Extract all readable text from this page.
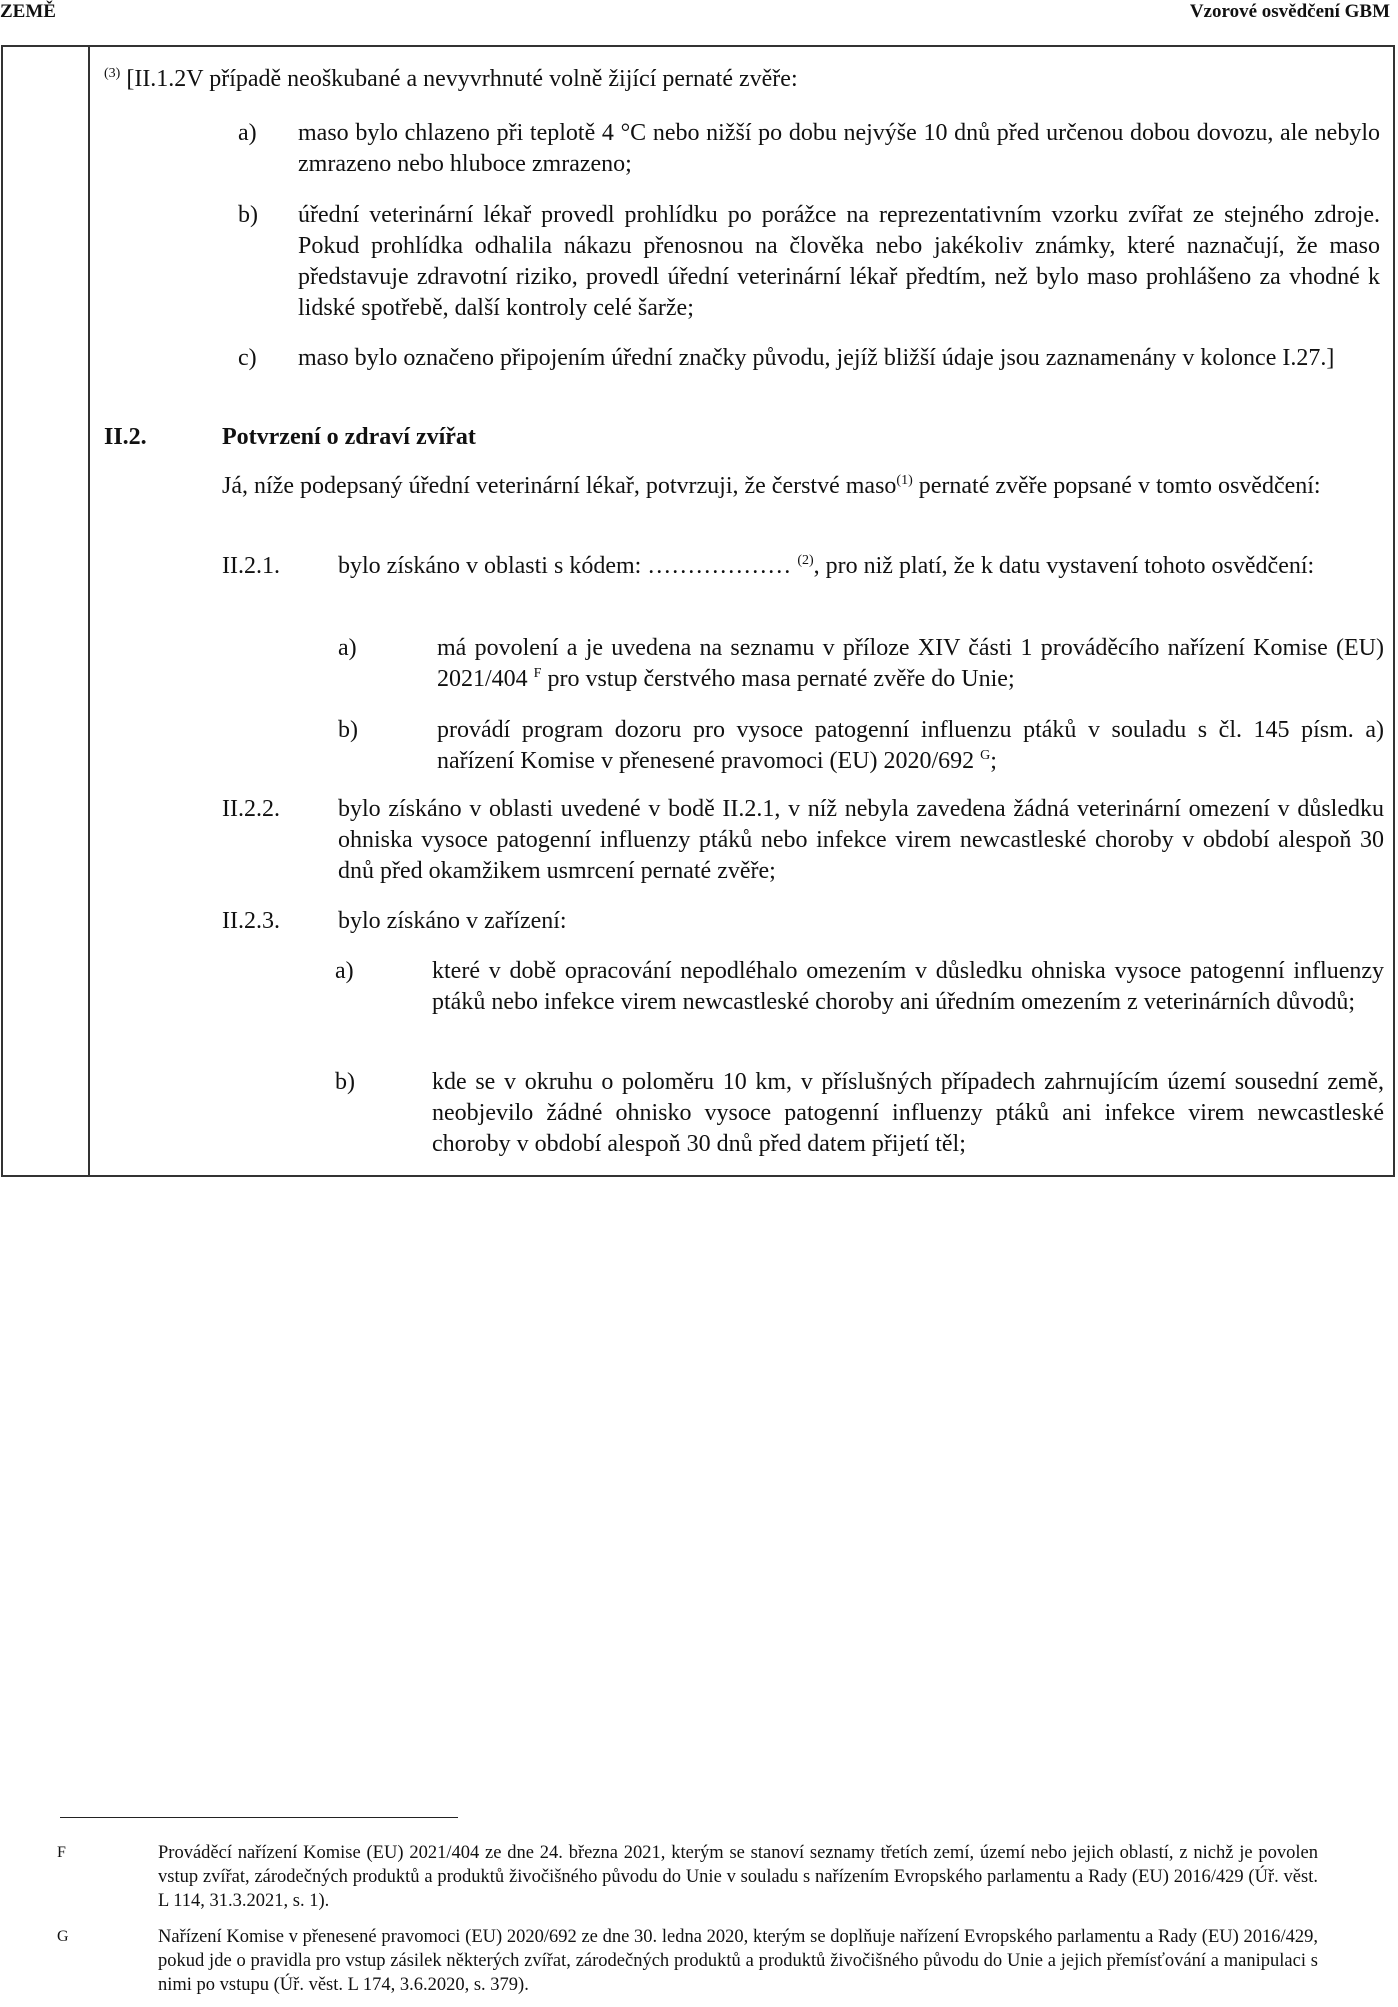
ZEMĚ	Vzorové osvědčení GBM
$^{(3)}$ [II.1.2V případě neoškubané a nevyvrhnuté volně žijící pernaté zvěře:
a) maso bylo chlazeno při teplotě 4 °C nebo nižší po dobu nejvýše 10 dnů před určenou dobou dovozu, ale nebylo zmrazeno nebo hluboce zmrazeno;
b) úřední veterinární lékař provedl prohlídku po porážce na reprezentativním vzorku zvířat ze stejného zdroje. Pokud prohlídka odhalila nákazu přenosnou na člověka nebo jakékoliv známky, které naznačují, že maso představuje zdravotní riziko, provedl úřední veterinární lékař předtím, než bylo maso prohlášeno za vhodné k lidské spotřebě, další kontroly celé šarže;
c) maso bylo označeno připojením úřední značky původu, jejíž bližší údaje jsou zaznamenány v kolonce I.27.]
II.2.	Potvrzení o zdraví zvířat
Já, níže podepsaný úřední veterinární lékař, potvrzuji, že čerstvé maso$^{(1)}$ pernaté zvěře popsané v tomto osvědčení:
II.2.1. bylo získáno v oblasti s kódem: ……………… $^{(2)}$, pro niž platí, že k datu vystavení tohoto osvědčení:
a)	má povolení a je uvedena na seznamu v příloze XIV části 1 prováděcího nařízení Komise (EU) 2021/404 $^F$ pro vstup čerstvého masa pernaté zvěře do Unie;
b)	provádí program dozoru pro vysoce patogenní influenzu ptáků v souladu s čl. 145 písm. a) nařízení Komise v přenesené pravomoci (EU) 2020/692 $^G$;
II.2.2. bylo získáno v oblasti uvedené v bodě II.2.1, v níž nebyla zavedena žádná veterinární omezení v důsledku ohniska vysoce patogenní influenzy ptáků nebo infekce virem newcastleské choroby v období alespoň 30 dnů před okamžikem usmrcení pernaté zvěře;
II.2.3. bylo získáno v zařízení:
a)	které v době opracování nepodléhalo omezením v důsledku ohniska vysoce patogenní influenzy ptáků nebo infekce virem newcastleské choroby ani úředním omezením z veterinárních důvodů;
b)	kde se v okruhu o poloměru 10 km, v příslušných případech zahrnujícím území sousední země, neobjevilo žádné ohnisko vysoce patogenní influenzy ptáků ani infekce virem newcastleské choroby v období alespoň 30 dnů před datem přijetí těl;
F	Prováděcí nařízení Komise (EU) 2021/404 ze dne 24. března 2021, kterým se stanoví seznamy třetích zemí, území nebo jejich oblastí, z nichž je povolen vstup zvířat, zárodečných produktů a produktů živočišného původu do Unie v souladu s nařízením Evropského parlamentu a Rady (EU) 2016/429 (Úř. věst. L 114, 31.3.2021, s. 1).
G	Nařízení Komise v přenesené pravomoci (EU) 2020/692 ze dne 30. ledna 2020, kterým se doplňuje nařízení Evropského parlamentu a Rady (EU) 2016/429, pokud jde o pravidla pro vstup zásilek některých zvířat, zárodečných produktů a produktů živočišného původu do Unie a jejich přemísťování a manipulaci s nimi po vstupu (Úř. věst. L 174, 3.6.2020, s. 379).
